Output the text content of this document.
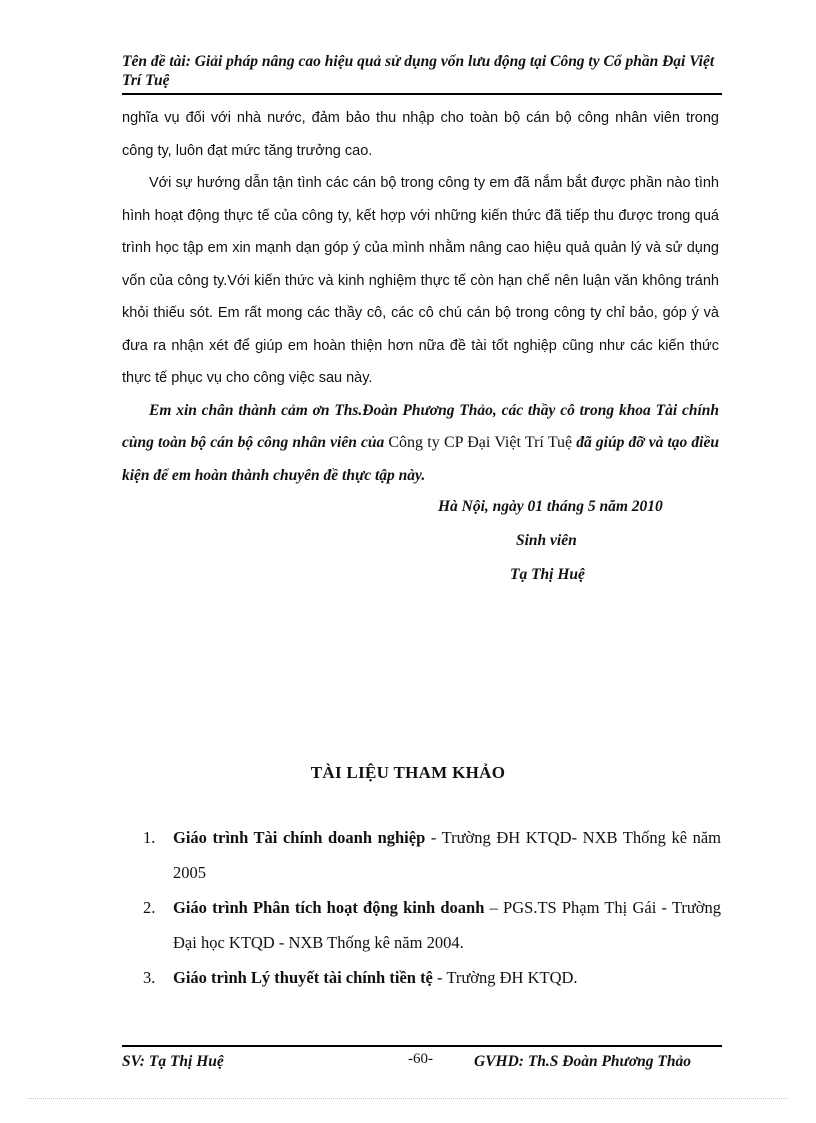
Tên đề tài: Giải pháp nâng cao hiệu quả sử dụng vốn lưu động tại Công ty Cổ phần Đại Việt Trí Tuệ

nghĩa vụ đối với nhà nước, đảm bảo thu nhập cho toàn bộ cán bộ công nhân viên trong công ty, luôn đạt mức tăng trưởng cao.

Với sự hướng dẫn tận tình các cán bộ trong công ty em đã nắm bắt được phần nào tình hình hoạt động thực tế của công ty, kết hợp với những kiến thức đã tiếp thu được trong quá trình học tập em xin mạnh dạn góp ý của mình nhằm nâng cao hiệu quả quản lý và sử dụng vốn của công ty.Với kiến thức và kinh nghiệm thực tế còn hạn chế nên luận văn không tránh khỏi thiếu sót. Em rất mong các thầy cô, các cô chú cán bộ trong công ty chỉ bảo, góp ý và đưa ra nhận xét để giúp em hoàn thiện hơn nữa đề tài tốt nghiệp cũng như các kiến thức thực tế phục vụ cho công việc sau này.

Em xin chân thành cảm ơn Ths.Đoàn Phương Thảo, các thầy cô trong khoa Tài chính cùng toàn bộ cán bộ công nhân viên của Công ty CP Đại Việt Trí Tuệ đã giúp đỡ và tạo điều kiện để em hoàn thành chuyên đề thực tập này.

Hà Nội, ngày 01 tháng 5 năm 2010
Sinh viên
Tạ Thị Huệ
TÀI LIỆU THAM KHẢO
1.	Giáo trình Tài chính doanh nghiệp - Trường ĐH KTQD- NXB Thống kê năm 2005
2.	Giáo trình Phân tích hoạt động kinh doanh – PGS.TS Phạm Thị Gái - Trường Đại học KTQD - NXB Thống kê năm 2004.
3.	Giáo trình Lý thuyết tài chính tiền tệ - Trường ĐH KTQD.
SV: Tạ Thị Huệ	-60-	GVHD: Th.S Đoàn Phương Thảo
